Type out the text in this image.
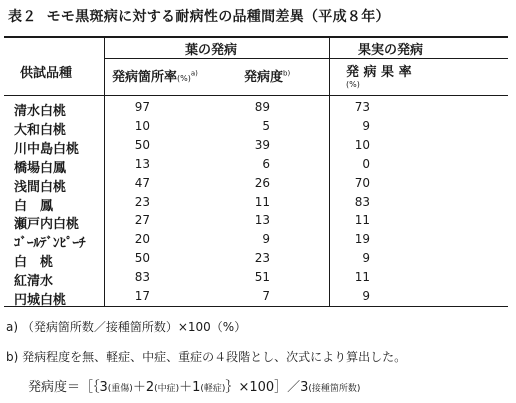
表２ モモ黒斑病に対する耐病性の品種間差異（平成８年）
供試品種
葉の発病	果実の発病
発病箇所率(%)$^{a)}$	発病度$^{b)}$	発 病 果 率
(%)
清水白桃	97	89	73
大和白桃	10	5	9
川中島白桃	50	39	10
橋場白鳳	13	6	0
浅間白桃	47	26	70
白　鳳	23	11	83
瀬戸内白桃	27	13	11
ｺﾞｰﾙﾃﾞﾝﾋﾟｰﾁ	20	9	19
白　桃	50	23	9
紅清水	83	51	11
円城白桃	17	7	9
a) （発病箇所数／接種箇所数）×100（%）
b) 発病程度を無、軽症、中症、重症の４段階とし、次式により算出した。
発病度＝［｛3(重傷)＋2(中症)＋1(軽症)｝×100］／3(接種箇所数)
